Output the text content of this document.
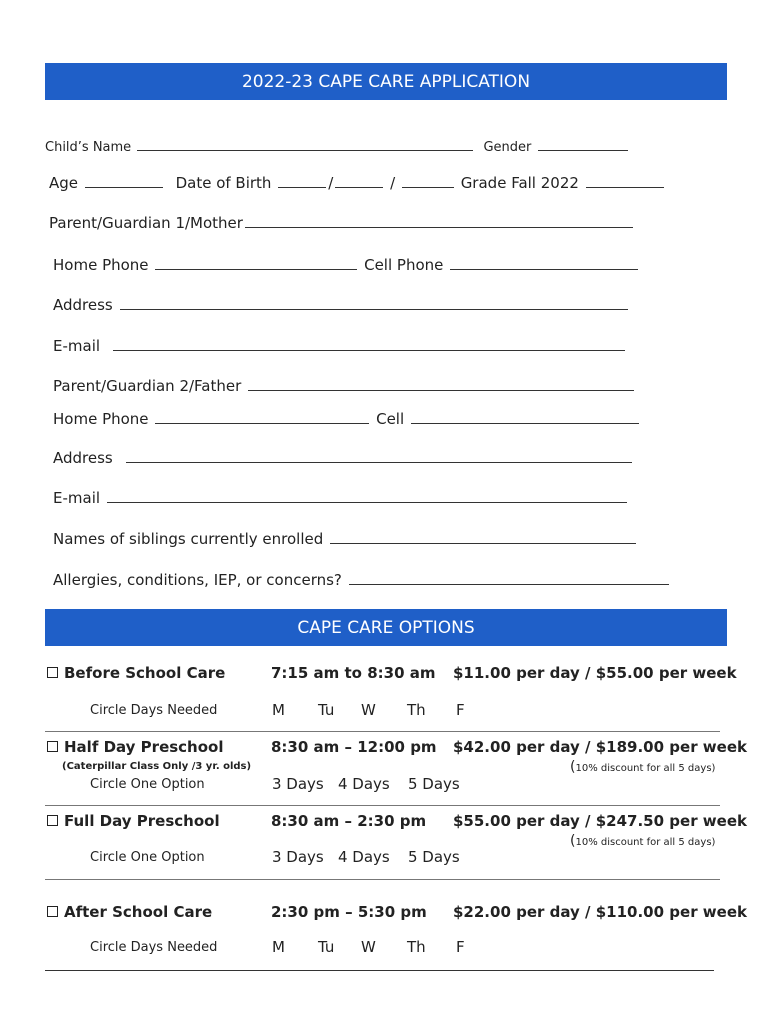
2022-23 CAPE CARE APPLICATION
Child’s Name	Gender
Age	Date of Birth	/	/	Grade Fall 2022
Parent/Guardian 1/Mother
Home Phone	Cell Phone
Address
E-mail
Parent/Guardian 2/Father
Home Phone	Cell
Address
E-mail
Names of siblings currently enrolled
Allergies, conditions, IEP, or concerns?
CAPE CARE OPTIONS
Before School Care	7:15 am to 8:30 am $11.00 per day / $55.00 per week
Circle Days Needed	M Tu W Th F
Half Day Preschool	8:30 am – 12:00 pm $42.00 per day / $189.00 per week
(Caterpillar Class Only /3 yr. olds)	(10% discount for all 5 days)
Circle One Option	3 Days 4 Days 5 Days
Full Day Preschool	8:30 am – 2:30 pm $55.00 per day / $247.50 per week
(10% discount for all 5 days)
Circle One Option	3 Days 4 Days 5 Days
After School Care	2:30 pm – 5:30 pm $22.00 per day / $110.00 per week
Circle Days Needed	M Tu W Th F
